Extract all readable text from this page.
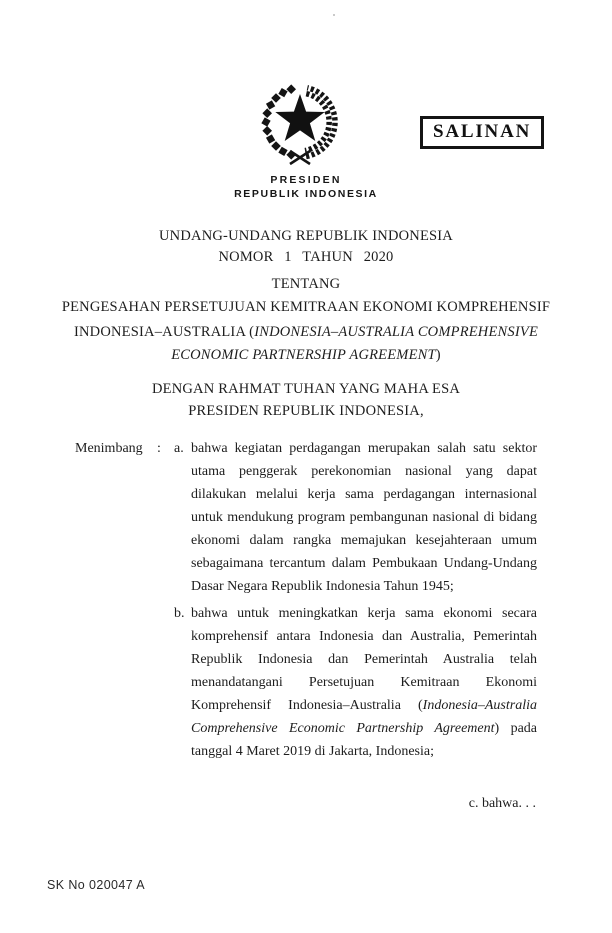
SALINAN
PRESIDEN
REPUBLIK INDONESIA
UNDANG-UNDANG REPUBLIK INDONESIA
NOMOR 1 TAHUN 2020
TENTANG
PENGESAHAN PERSETUJUAN KEMITRAAN EKONOMI KOMPREHENSIF
INDONESIA–AUSTRALIA (INDONESIA–AUSTRALIA COMPREHENSIVE ECONOMIC PARTNERSHIP AGREEMENT)
DENGAN RAHMAT TUHAN YANG MAHA ESA
PRESIDEN REPUBLIK INDONESIA,
Menimbang	: a. bahwa kegiatan perdagangan merupakan salah satu sektor utama penggerak perekonomian nasional yang dapat dilakukan melalui kerja sama perdagangan internasional untuk mendukung program pembangunan nasional di bidang ekonomi dalam rangka memajukan kesejahteraan umum sebagaimana tercantum dalam Pembukaan Undang-Undang Dasar Negara Republik Indonesia Tahun 1945;
b. bahwa untuk meningkatkan kerja sama ekonomi secara komprehensif antara Indonesia dan Australia, Pemerintah Republik Indonesia dan Pemerintah Australia telah menandatangani Persetujuan Kemitraan Ekonomi Komprehensif Indonesia–Australia (Indonesia–Australia Comprehensive Economic Partnership Agreement) pada tanggal 4 Maret 2019 di Jakarta, Indonesia;
c. bahwa. . .
SK No 020047 A
